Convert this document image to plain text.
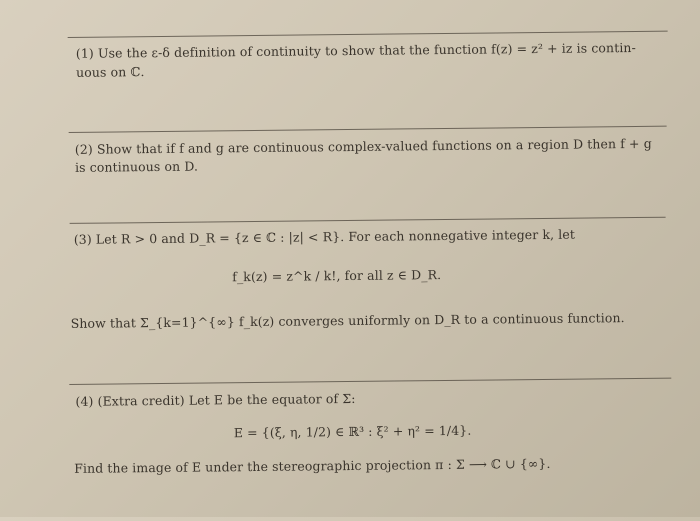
(1) Use the ε-δ definition of continuity to show that the function f(z) = z² + iz is contin-
uous on ℂ.
(2) Show that if f and g are continuous complex-valued functions on a region D then f + g
is continuous on D.
(3) Let R > 0 and D_R = {z ∈ ℂ : |z| < R}. For each nonnegative integer k, let
f_k(z) = z^k / k!, for all z ∈ D_R.
Show that Σ_{k=1}^{∞} f_k(z) converges uniformly on D_R to a continuous function.
(4) (Extra credit) Let E be the equator of Σ:
E = {(ξ, η, 1/2) ∈ ℝ³ : ξ² + η² = 1/4}.
Find the image of E under the stereographic projection π : Σ ⟶ ℂ ∪ {∞}.
